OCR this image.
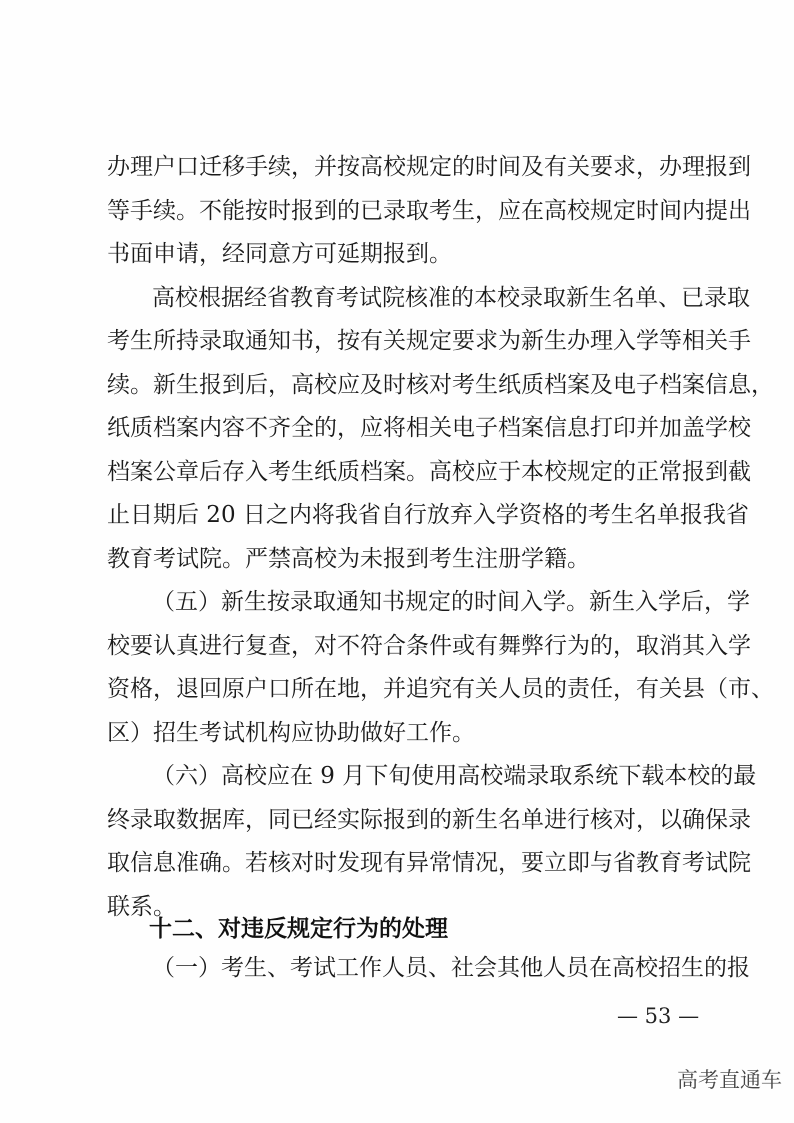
办理户口迁移手续，并按高校规定的时间及有关要求，办理报到
等手续。不能按时报到的已录取考生，应在高校规定时间内提出
书面申请，经同意方可延期报到。
高校根据经省教育考试院核准的本校录取新生名单、已录取
考生所持录取通知书，按有关规定要求为新生办理入学等相关手
续。新生报到后，高校应及时核对考生纸质档案及电子档案信息，
纸质档案内容不齐全的，应将相关电子档案信息打印并加盖学校
档案公章后存入考生纸质档案。高校应于本校规定的正常报到截
止日期后 20 日之内将我省自行放弃入学资格的考生名单报我省
教育考试院。严禁高校为未报到考生注册学籍。
（五）新生按录取通知书规定的时间入学。新生入学后，学
校要认真进行复查，对不符合条件或有舞弊行为的，取消其入学
资格，退回原户口所在地，并追究有关人员的责任，有关县（市、
区）招生考试机构应协助做好工作。
（六）高校应在 9 月下旬使用高校端录取系统下载本校的最
终录取数据库，同已经实际报到的新生名单进行核对，以确保录
取信息准确。若核对时发现有异常情况，要立即与省教育考试院
联系。
十二、对违反规定行为的处理
（一）考生、考试工作人员、社会其他人员在高校招生的报
— 53 —
高考直通车
